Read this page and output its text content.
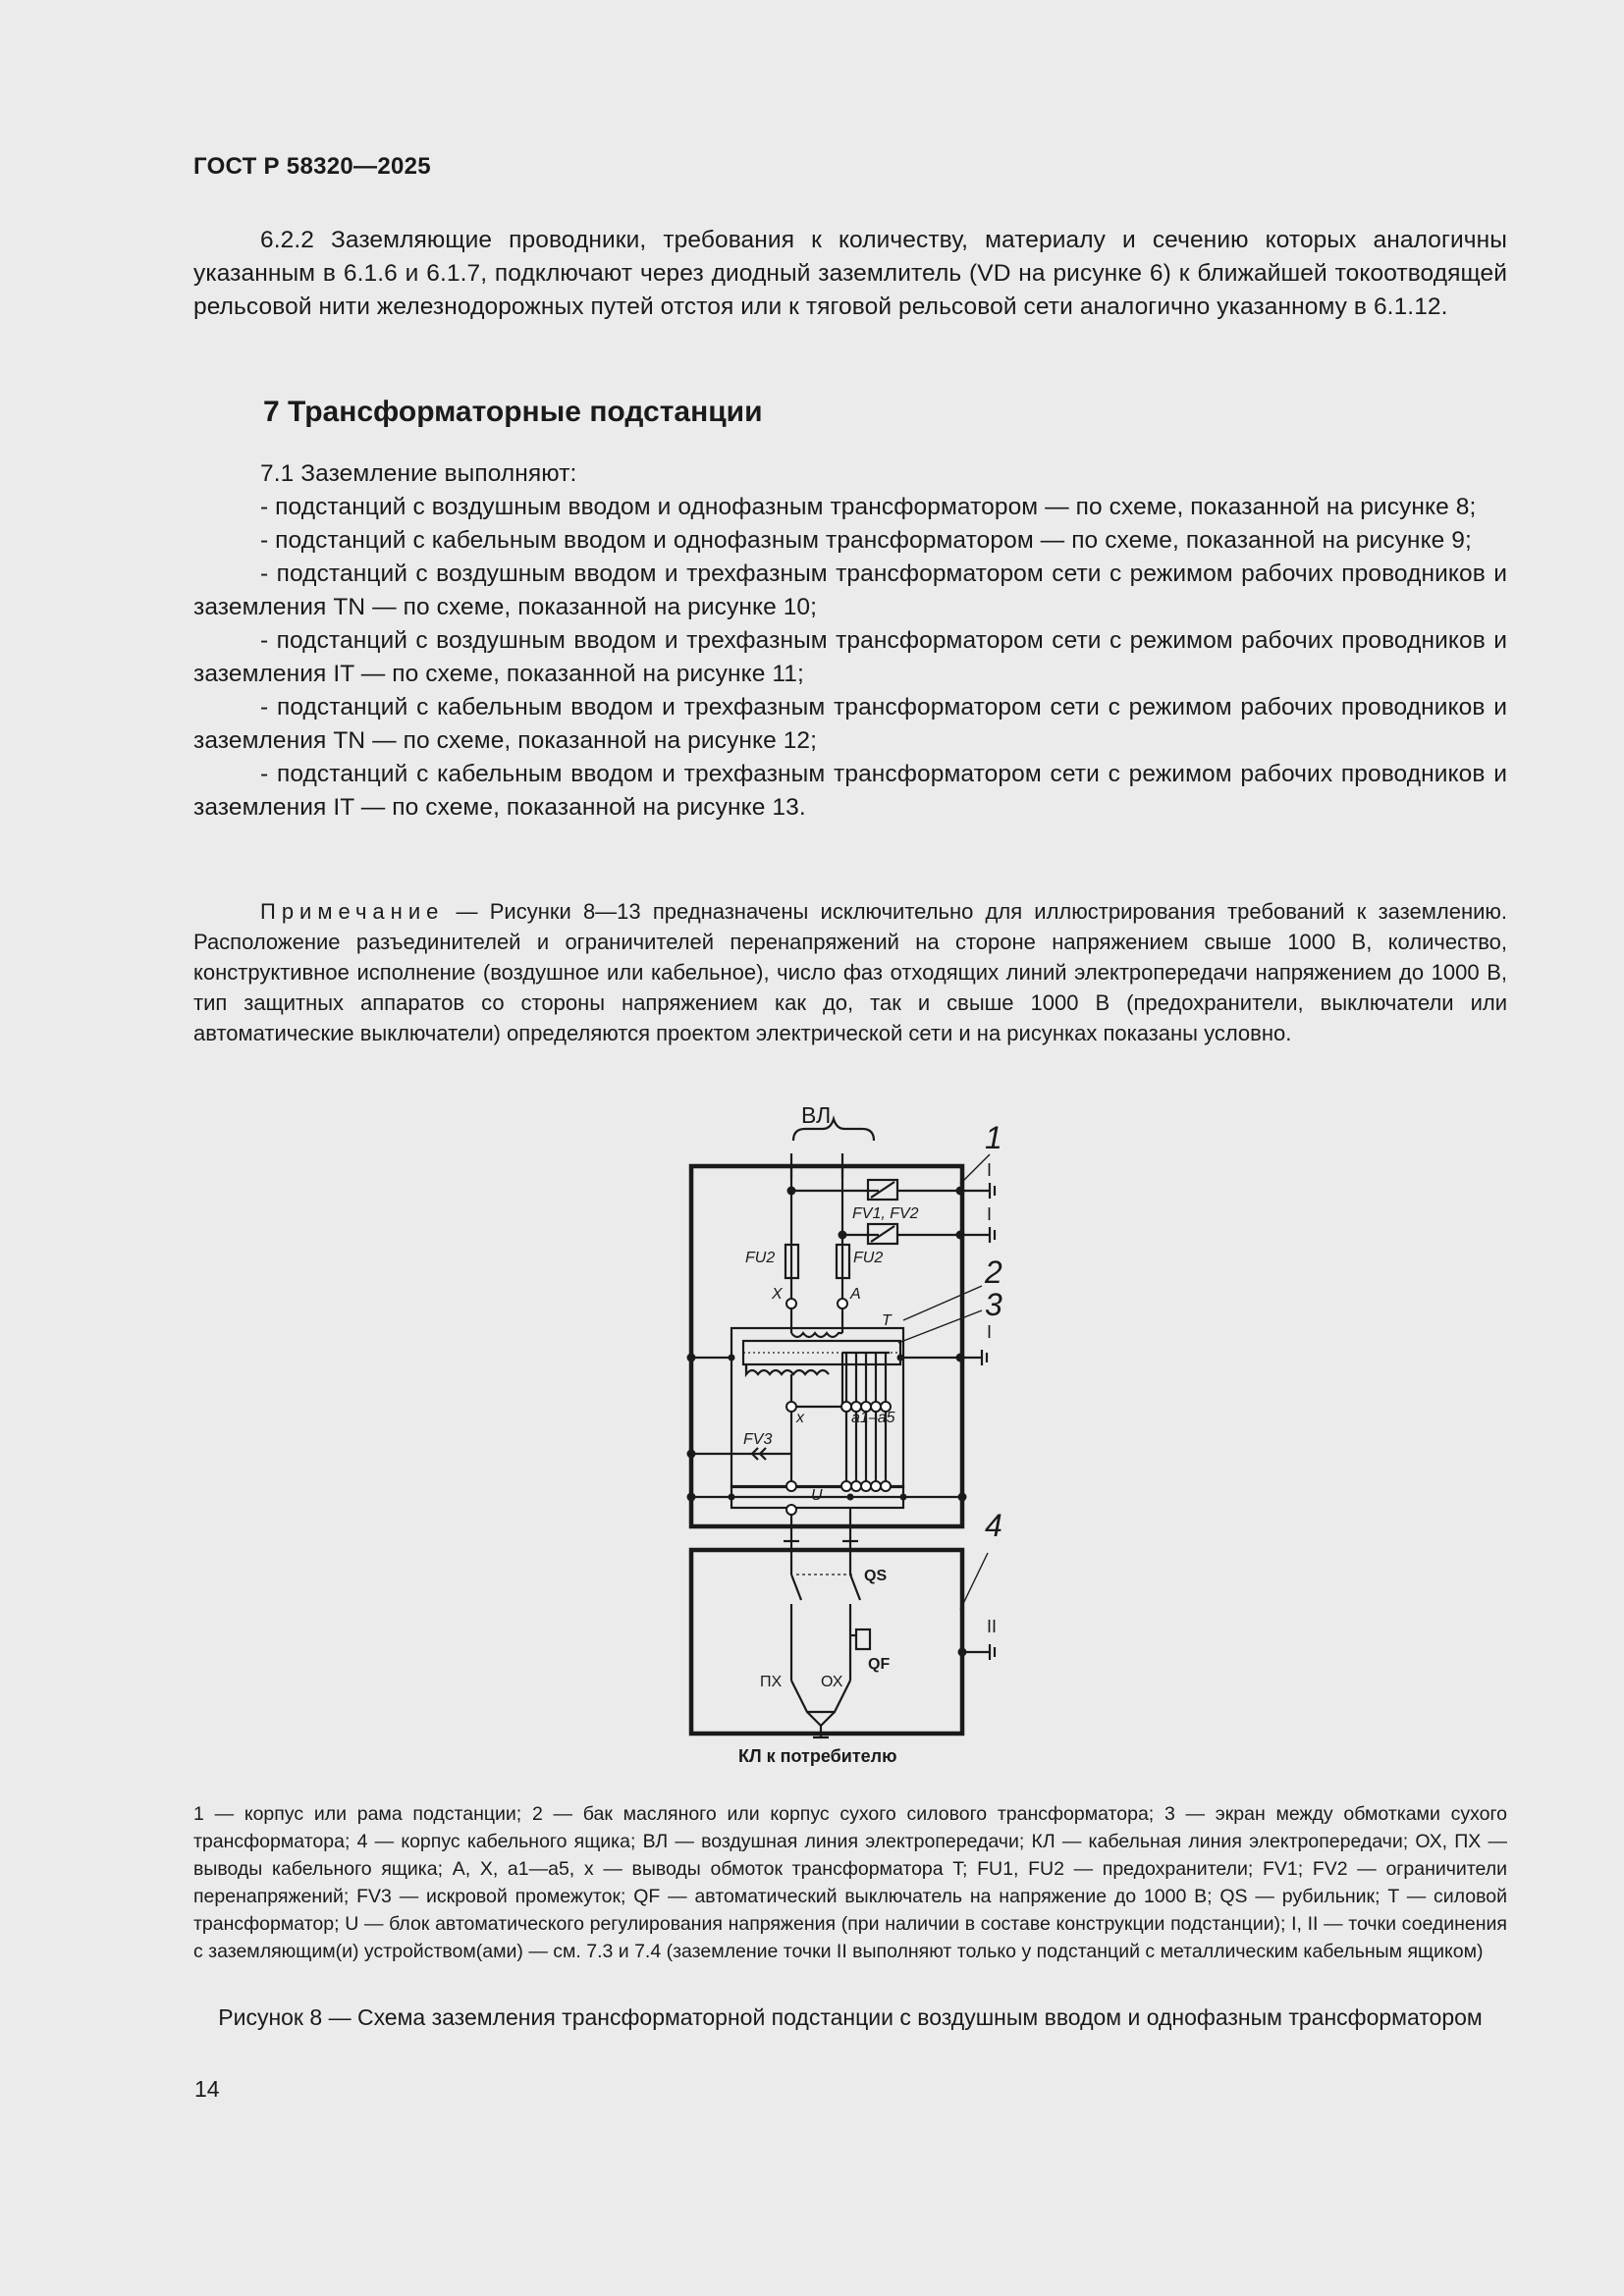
ГОСТ Р 58320—2025

6.2.2 Заземляющие проводники, требования к количеству, материалу и сечению которых аналогичны указанным в 6.1.6 и 6.1.7, подключают через диодный заземлитель (VD на рисунке 6) к ближайшей токоотводящей рельсовой нити железнодорожных путей отстоя или к тяговой рельсовой сети аналогично указанному в 6.1.12.

7 Трансформаторные подстанции

7.1 Заземление выполняют:

- подстанций с воздушным вводом и однофазным трансформатором — по схеме, показанной на рисунке 8;

- подстанций с кабельным вводом и однофазным трансформатором — по схеме, показанной на рисунке 9;

- подстанций с воздушным вводом и трехфазным трансформатором сети с режимом рабочих проводников и заземления TN — по схеме, показанной на рисунке 10;

- подстанций с воздушным вводом и трехфазным трансформатором сети с режимом рабочих проводников и заземления IT — по схеме, показанной на рисунке 11;

- подстанций с кабельным вводом и трехфазным трансформатором сети с режимом рабочих проводников и заземления TN — по схеме, показанной на рисунке 12;

- подстанций с кабельным вводом и трехфазным трансформатором сети с режимом рабочих проводников и заземления IT — по схеме, показанной на рисунке 13.

Примечание — Рисунки 8—13 предназначены исключительно для иллюстрирования требований к заземлению. Расположение разъединителей и ограничителей перенапряжений на стороне напряжением свыше 1000 В, количество, конструктивное исполнение (воздушное или кабельное), число фаз отходящих линий электропередачи напряжением до 1000 В, тип защитных аппаратов со стороны напряжением как до, так и свыше 1000 В (предохранители, выключатели или автоматические выключатели) определяются проектом электрической сети и на рисунках показаны условно.

ВЛ
1
2
3
4
I
I
I
II
FV1, FV2
FU2	FU2
X	A
T
x	a1–a5
FV3
U
QS
QF
ПХ ОХ
КЛ к потребителю

1 — корпус или рама подстанции; 2 — бак масляного или корпус сухого силового трансформатора; 3 — экран между обмотками сухого трансформатора; 4 — корпус кабельного ящика; ВЛ — воздушная линия электропередачи; КЛ — кабельная линия электропередачи; ОХ, ПХ — выводы кабельного ящика; A, X, a1—a5, x — выводы обмоток трансформатора T; FU1, FU2 — предохранители; FV1; FV2 — ограничители перенапряжений; FV3 — искровой промежуток; QF — автоматический выключатель на напряжение до 1000 В; QS — рубильник; T — силовой трансформатор; U — блок автоматического регулирования напряжения (при наличии в составе конструкции подстанции); I, II — точки соединения с заземляющим(и) устройством(ами) — см. 7.3 и 7.4 (заземление точки II выполняют только у подстанций с металлическим кабельным ящиком)

Рисунок 8 — Схема заземления трансформаторной подстанции с воздушным вводом и однофазным трансформатором

14
